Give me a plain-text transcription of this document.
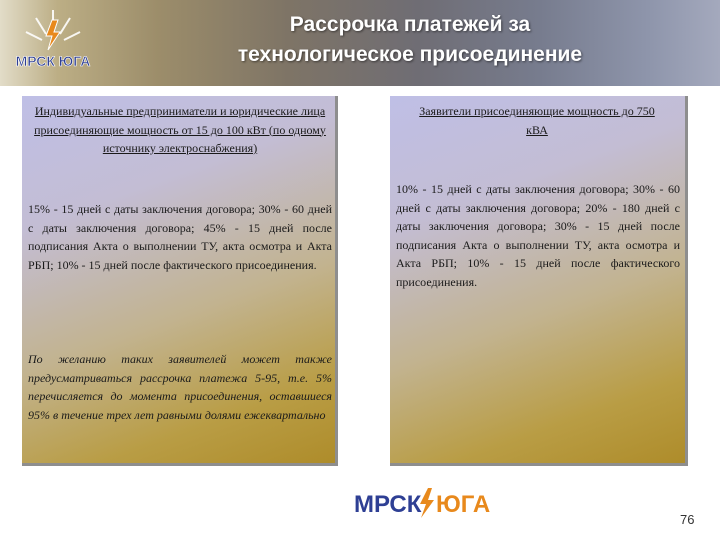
МРСК ЮГА
Рассрочка платежей за
технологическое присоединение
Индивидуальные предприниматели и юридические лица присоединяющие мощность от 15 до 100 кВт (по одному источнику электроснабжения)
15% - 15 дней с даты заключения договора; 30% - 60 дней с даты заключения договора; 45% - 15 дней после подписания Акта о выполнении ТУ, акта осмотра и Акта РБП; 10% - 15 дней после фактического присоединения.
По желанию таких заявителей может также предусматриваться рассрочка платежа 5-95, т.е. 5% перечисляется до момента присоединения, оставшиеся 95% в течение трех лет равными долями ежеквартально
Заявители присоединяющие мощность до 750 кВА
10% - 15 дней с даты заключения договора; 30% - 60 дней с даты заключения договора; 20% - 180 дней с даты заключения договора; 30% - 15 дней после подписания Акта о выполнении ТУ, акта осмотра и Акта РБП; 10% - 15 дней после фактического присоединения.
МРСК ЮГА
76
